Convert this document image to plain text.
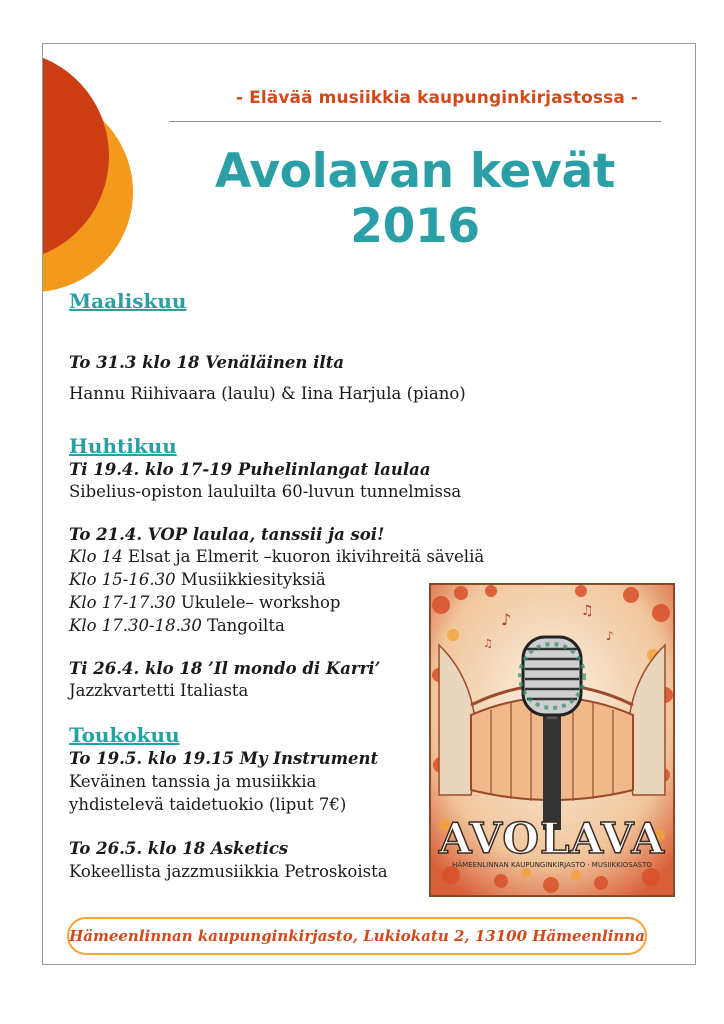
- Elävää musiikkia kaupunginkirjastossa -
Avolavan kevät 2016
Maaliskuu
To 31.3 klo 18 Venäläinen ilta
Hannu Riihivaara (laulu) & Iina Harjula (piano)
Huhtikuu
Ti 19.4. klo 17-19 Puhelinlangat laulaa
Sibelius-opiston lauluilta 60-luvun tunnelmissa
To 21.4. VOP laulaa, tanssii ja soi!
Klo 14 Elsat ja Elmerit –kuoron ikivihreitä säveliä
Klo 15-16.30 Musiikkiesityksiä
Klo 17-17.30 Ukulele– workshop
Klo 17.30-18.30 Tangoilta
Ti 26.4. klo 18 ’Il mondo di Karri’
Jazzkvartetti Italiasta
Toukokuu
To 19.5. klo 19.15 My Instrument
Keväinen tanssia ja musiikkia
yhdistelevä taidetuokio (liput 7€)
To 26.5. klo 18 Asketics
Kokeellista jazzmusiikkia Petroskoista
♪	♫
♪
♫
AVOLAVA
HÄMEENLINNAN KAUPUNGINKIRJASTO · MUSIIKKIOSASTO
Hämeenlinnan kaupunginkirjasto, Lukiokatu 2, 13100 Hämeenlinna
